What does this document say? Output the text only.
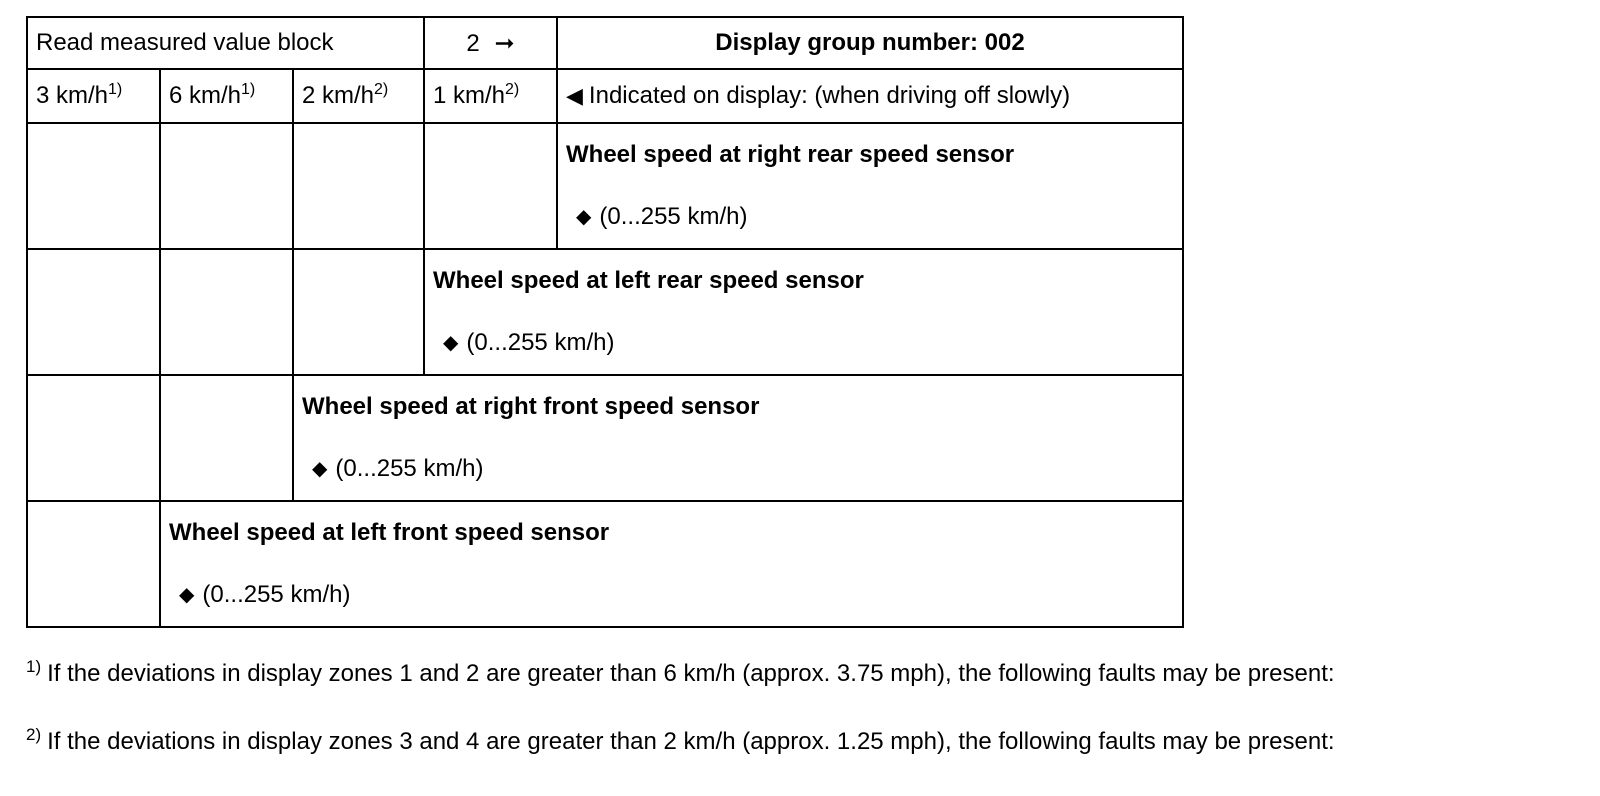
Read measured value block			2 ➞	Display group number: 002
3 $km/h^{1)}$	6 $km/h^{1)}$	2 $km/h^{2)}$	1 $km/h^{2)}$	◀ Indicated on display: (when driving off slowly)

				Wheel speed at right rear speed sensor
◆ (0...255 km/h)

			Wheel speed at left rear speed sensor
◆ (0...255 km/h)	

		Wheel speed at right front speed sensor
◆ (0...255 km/h)		

	Wheel speed at left front speed sensor
◆ (0...255 km/h)			
$^{1)}$ If the deviations in display zones 1 and 2 are greater than 6 km/h (approx. 3.75 mph), the following faults may be present:
$^{2)}$ If the deviations in display zones 3 and 4 are greater than 2 km/h (approx. 1.25 mph), the following faults may be present:
